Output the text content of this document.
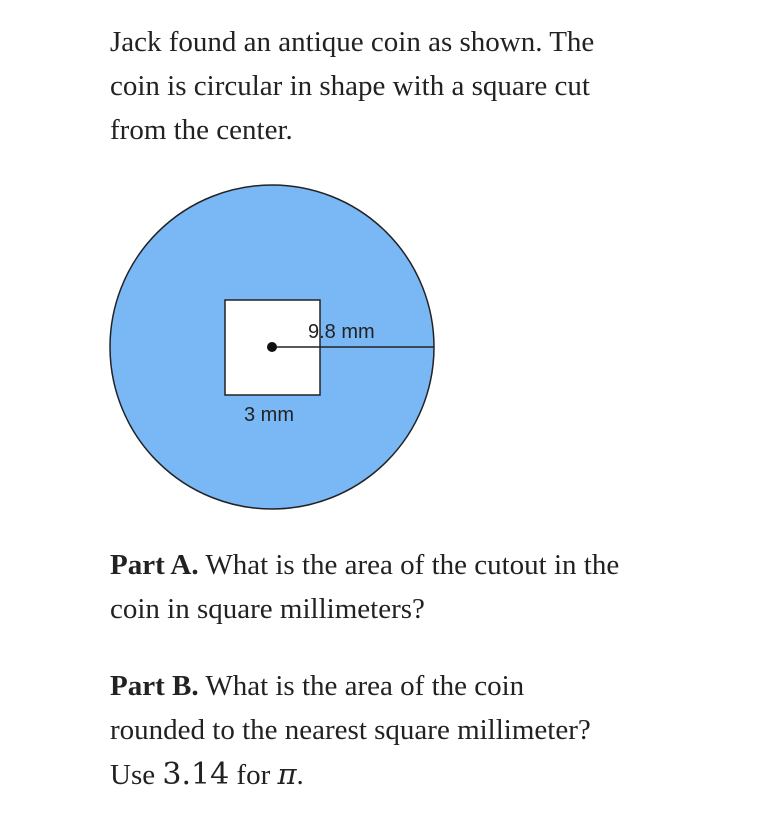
Jack found an antique coin as shown. The
coin is circular in shape with a square cut
from the center.

9.8 mm
3 mm

Part A. What is the area of the cutout in the
coin in square millimeters?

Part B. What is the area of the coin
rounded to the nearest square millimeter?
Use 3.14 for π.
